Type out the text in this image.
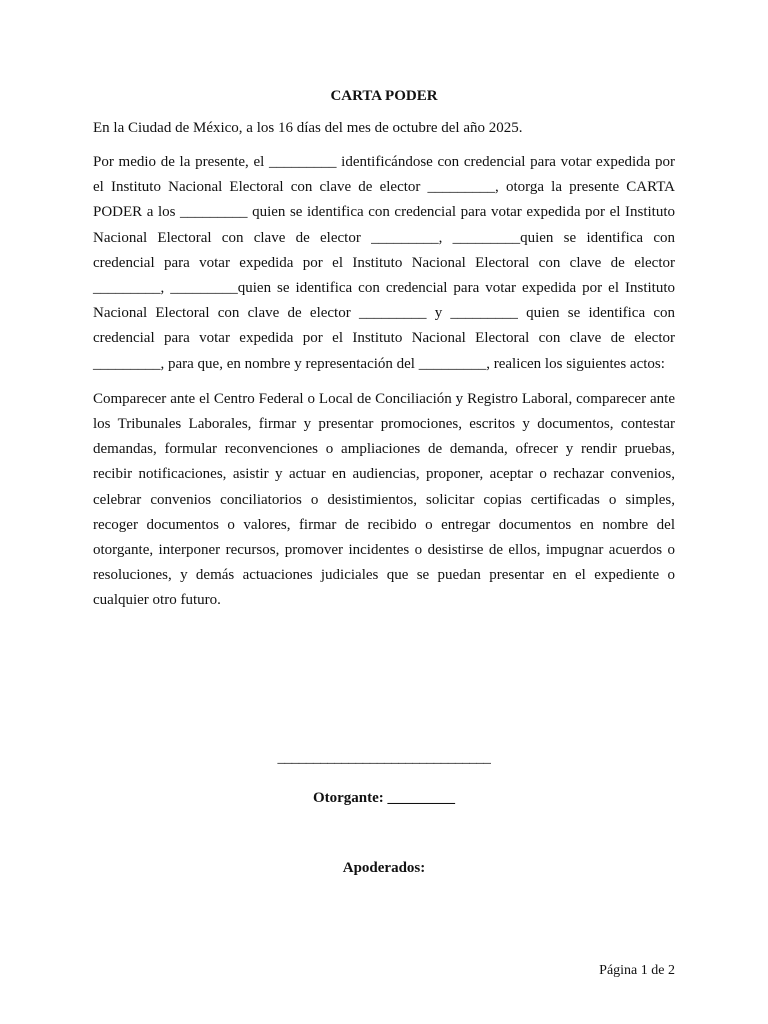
CARTA PODER

En la Ciudad de México, a los 16 días del mes de octubre del año 2025.

Por medio de la presente, el _________ identificándose con credencial para votar expedida por el Instituto Nacional Electoral con clave de elector _________, otorga la presente CARTA PODER a los _________ quien se identifica con credencial para votar expedida por el Instituto Nacional Electoral con clave de elector _________, _________quien se identifica con credencial para votar expedida por el Instituto Nacional Electoral con clave de elector _________, _________quien se identifica con credencial para votar expedida por el Instituto Nacional Electoral con clave de elector _________ y _________ quien se identifica con credencial para votar expedida por el Instituto Nacional Electoral con clave de elector _________, para que, en nombre y representación del _________, realicen los siguientes actos:

Comparecer ante el Centro Federal o Local de Conciliación y Registro Laboral, comparecer ante los Tribunales Laborales, firmar y presentar promociones, escritos y documentos, contestar demandas, formular reconvenciones o ampliaciones de demanda, ofrecer y rendir pruebas, recibir notificaciones, asistir y actuar en audiencias, proponer, aceptar o rechazar convenios, celebrar convenios conciliatorios o desistimientos, solicitar copias certificadas o simples, recoger documentos o valores, firmar de recibido o entregar documentos en nombre del otorgante, interponer recursos, promover incidentes o desistirse de ellos, impugnar acuerdos o resoluciones, y demás actuaciones judiciales que se puedan presentar en el expediente o cualquier otro futuro.

______________________________
Otorgante: _________
Apoderados:
Página 1 de 2
